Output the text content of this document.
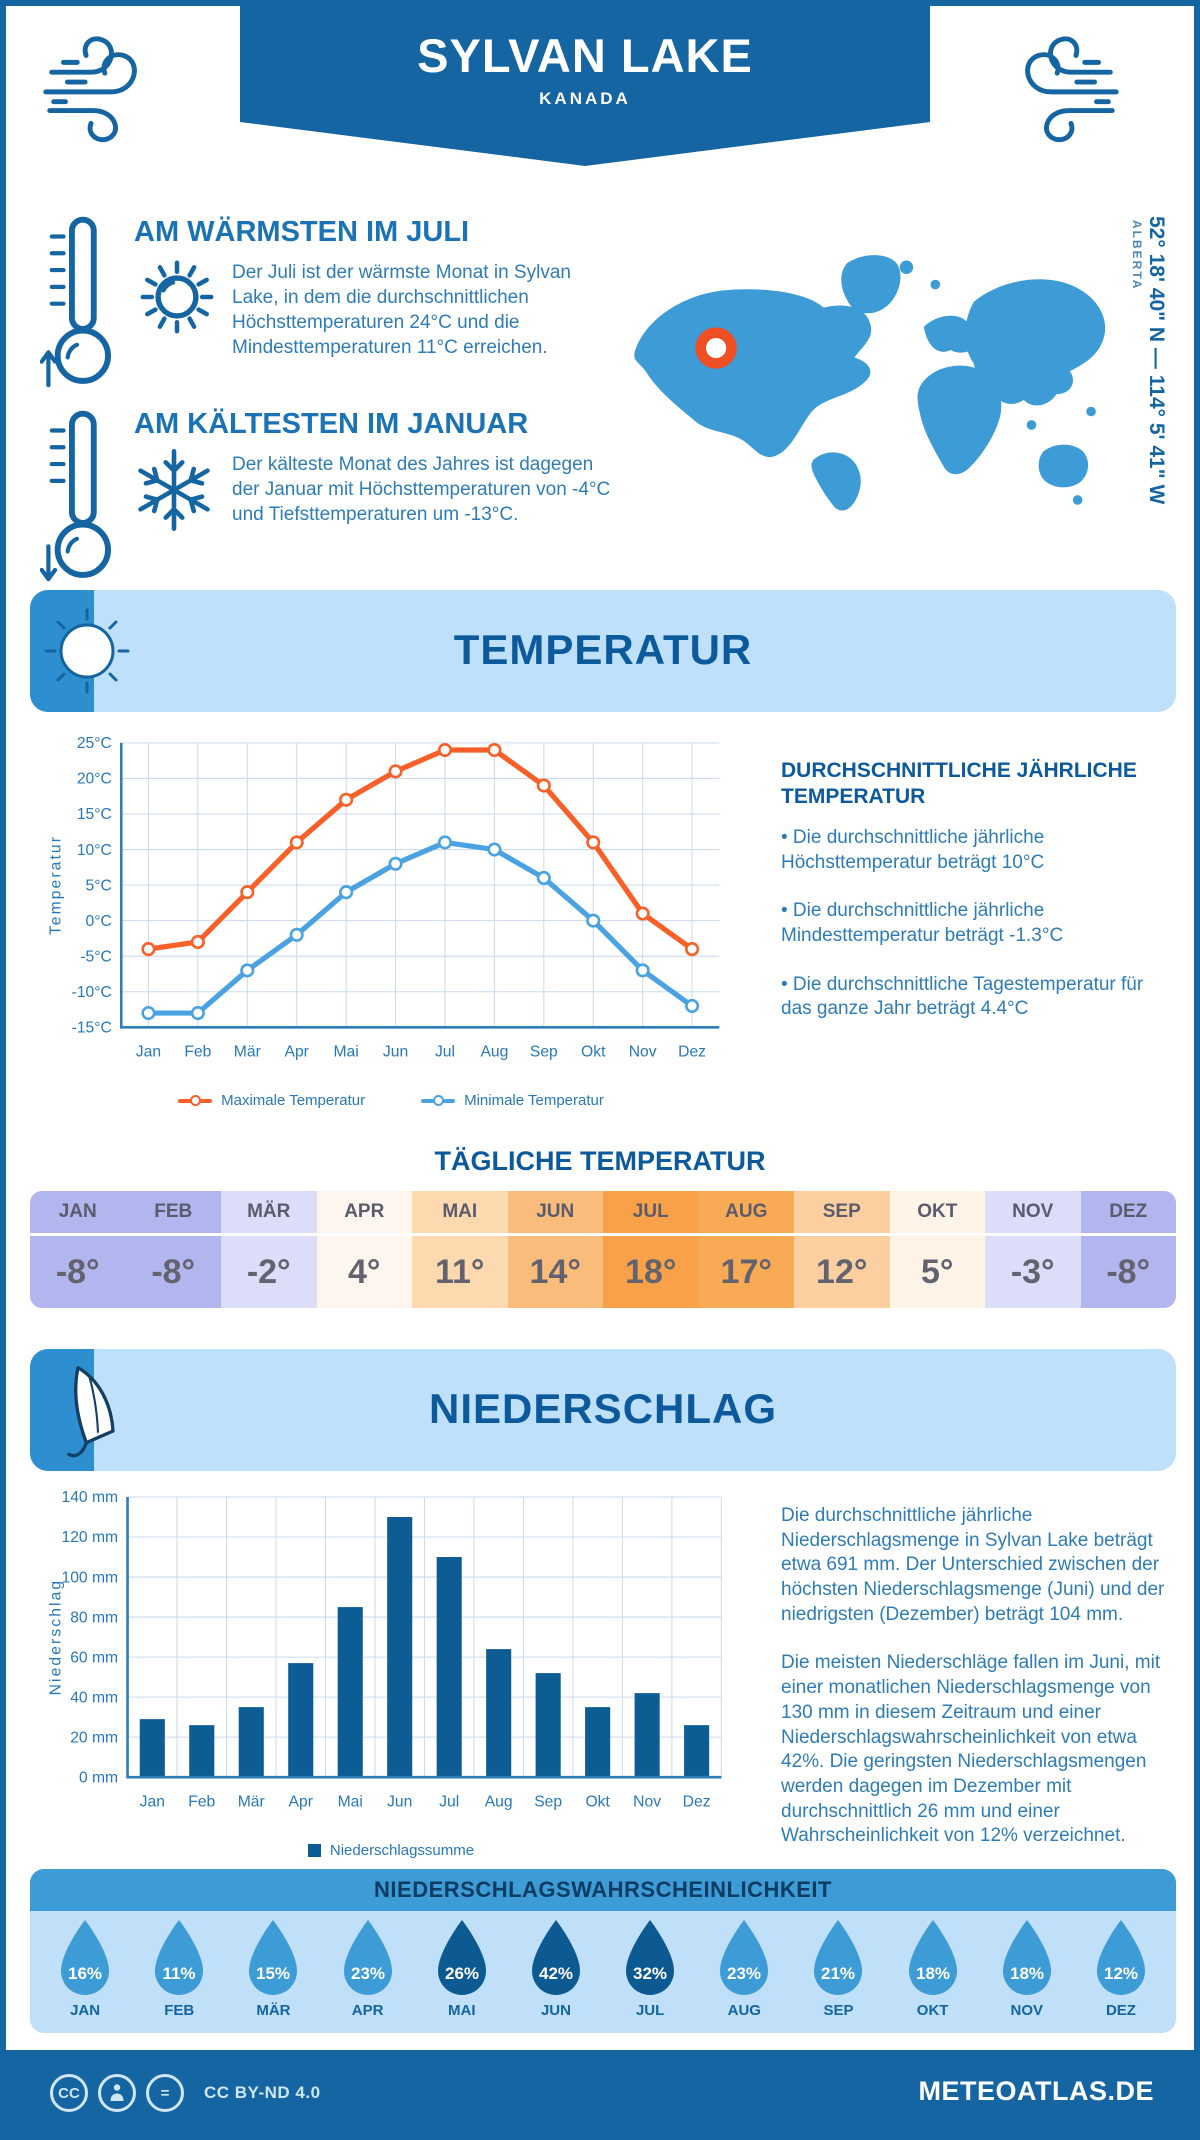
SYLVAN LAKE
KANADA
AM WÄRMSTEN IM JULI
Der Juli ist der wärmste Monat in Sylvan Lake, in dem die durchschnittlichen Höchsttemperaturen 24°C und die Mindesttemperaturen 11°C erreichen.
AM KÄLTESTEN IM JANUAR
Der kälteste Monat des Jahres ist dagegen der Januar mit Höchsttemperaturen von -4°C und Tiefsttemperaturen um -13°C.
52° 18' 40" N — 114° 5' 41" W
ALBERTA
TEMPERATUR
25°C
20°C
15°C
10°C
5°C
0°C
-5°C
-10°C
-15°C
Jan Feb Mär Apr Mai Jun Jul Aug Sep Okt Nov Dez
Temperatur
Maximale Temperatur	Minimale Temperatur
DURCHSCHNITTLICHE JÄHRLICHE TEMPERATUR

• Die durchschnittliche jährliche Höchsttemperatur beträgt 10°C

• Die durchschnittliche jährliche Mindesttemperatur beträgt -1.3°C

• Die durchschnittliche Tagestemperatur für das ganze Jahr beträgt 4.4°C

TÄGLICHE TEMPERATUR
JAN
-8°
FEB
-8°
MÄR
-2°
APR
4°
MAI
11°
JUN
14°
JUL
18°
AUG
17°
SEP
12°
OKT
5°
NOV
-3°
DEZ
-8°
NIEDERSCHLAG
140 mm
120 mm
100 mm
80 mm
60 mm
40 mm
20 mm
0 mm
Jan Feb Mär Apr Mai Jun Jul Aug Sep Okt Nov Dez
Niederschlag
Niederschlagssumme

Die durchschnittliche jährliche Niederschlagsmenge in Sylvan Lake beträgt etwa 691 mm. Der Unterschied zwischen der höchsten Niederschlagsmenge (Juni) und der niedrigsten (Dezember) beträgt 104 mm.

Die meisten Niederschläge fallen im Juni, mit einer monatlichen Niederschlagsmenge von 130 mm in diesem Zeitraum und einer Niederschlagswahrscheinlichkeit von etwa 42%. Die geringsten Niederschlagsmengen werden dagegen im Dezember mit durchschnittlich 26 mm und einer Wahrscheinlichkeit von 12% verzeichnet.

NIEDERSCHLAGSWAHRSCHEINLICHKEIT
16%
JAN
11%
FEB
15%
MÄR
23%
APR
26%
MAI
42%
JUN
32%
JUL
23%
AUG
21%
SEP
18%
OKT
18%
NOV
12%
DEZ
CC	=	CC BY-ND 4.0	METEOATLAS.DE
